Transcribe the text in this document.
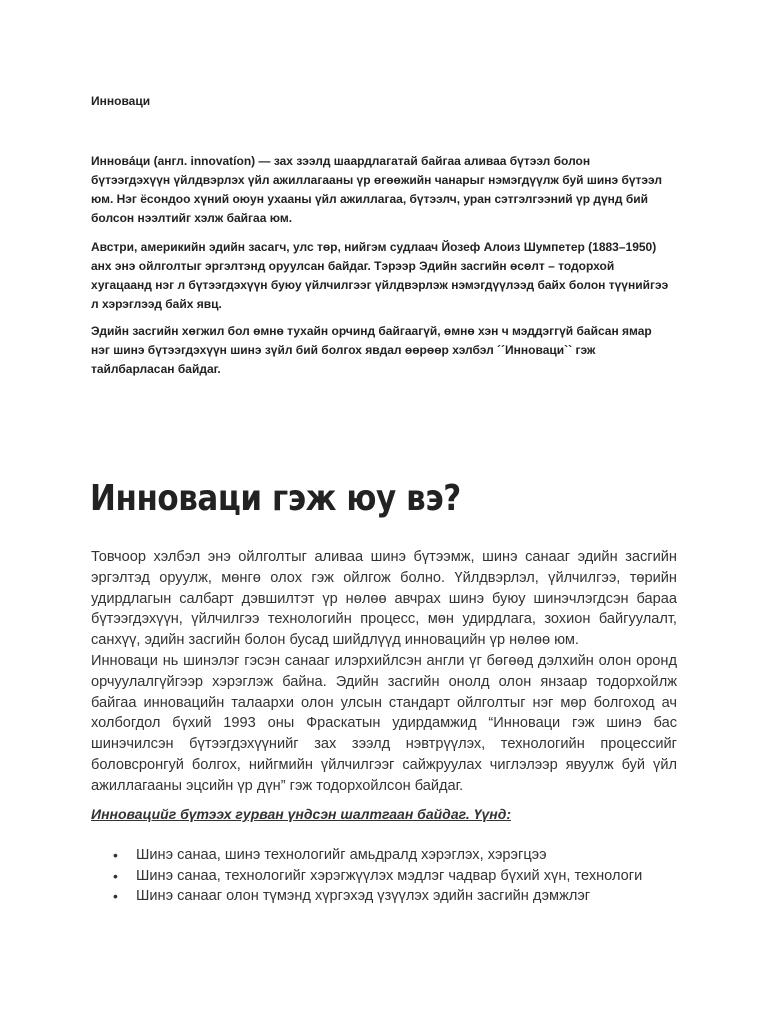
Инноваци

Инновáци (англ. innovatíon) — зах зээлд шаардлагатай байгаа аливаа бүтээл болон бүтээгдэхүүн үйлдвэрлэх үйл ажиллагааны үр өгөөжийн чанарыг нэмэгдүүлж буй шинэ бүтээл юм. Нэг ёсондоо хүний оюун ухааны үйл ажиллагаа, бүтээлч, уран сэтгэлгээний үр дүнд бий болсон нээлтийг хэлж байгаа юм.

Австри, америкийн эдийн засагч, улс төр, нийгэм судлаач Йозеф Алоиз Шумпетер (1883–1950) анх энэ ойлголтыг эргэлтэнд оруулсан байдаг. Тэрээр Эдийн засгийн өсөлт – тодорхой хугацаанд нэг л бүтээгдэхүүн буюу үйлчилгээг үйлдвэрлэж нэмэгдүүлээд байх болон түүнийгээ л хэрэглээд байх явц.

Эдийн засгийн хөгжил бол өмнө тухайн орчинд байгаагүй, өмнө хэн ч мэддэггүй байсан ямар нэг шинэ бүтээгдэхүүн шинэ зүйл бий болгох явдал өөрөөр хэлбэл ´´Инноваци`` гэж тайлбарласан байдаг.

Инноваци гэж юу вэ?

Товчоор хэлбэл энэ ойлголтыг аливаа шинэ бүтээмж, шинэ санааг эдийн засгийн эргэлтэд оруулж, мөнгө олох гэж ойлгож болно. Үйлдвэрлэл, үйлчилгээ, төрийн удирдлагын салбарт дэвшилтэт үр нөлөө авчрах шинэ буюу шинэчлэгдсэн бараа бүтээгдэхүүн, үйлчилгээ технологийн процесс, мөн удирдлага, зохион байгуулалт, санхүү, эдийн засгийн болон бусад шийдлүүд инновацийн үр нөлөө юм.
Инноваци нь шинэлэг гэсэн санааг илэрхийлсэн англи үг бөгөөд дэлхийн олон оронд орчуулалгүйгээр хэрэглэж байна. Эдийн засгийн онолд олон янзаар тодорхойлж байгаа инновацийн талаархи олон улсын стандарт ойлголтыг нэг мөр болгоход ач холбогдол бүхий 1993 оны Фраскатын удирдамжид “Инноваци гэж шинэ бас шинэчилсэн бүтээгдэхүүнийг зах зээлд нэвтрүүлэх, технологийн процессийг боловсронгуй болгох, нийгмийн үйлчилгээг сайжруулах чиглэлээр явуулж буй үйл ажиллагааны эцсийн үр дүн” гэж тодорхойлсон байдаг.

Инновацийг бүтээх гурван үндсэн шалтгаан байдаг. Үүнд:

• Шинэ санаа, шинэ технологийг амьдралд хэрэглэх, хэрэгцээ
• Шинэ санаа, технологийг хэрэгжүүлэх мэдлэг чадвар бүхий хүн, технологи
• Шинэ санааг олон түмэнд хүргэхэд үзүүлэх эдийн засгийн дэмжлэг
